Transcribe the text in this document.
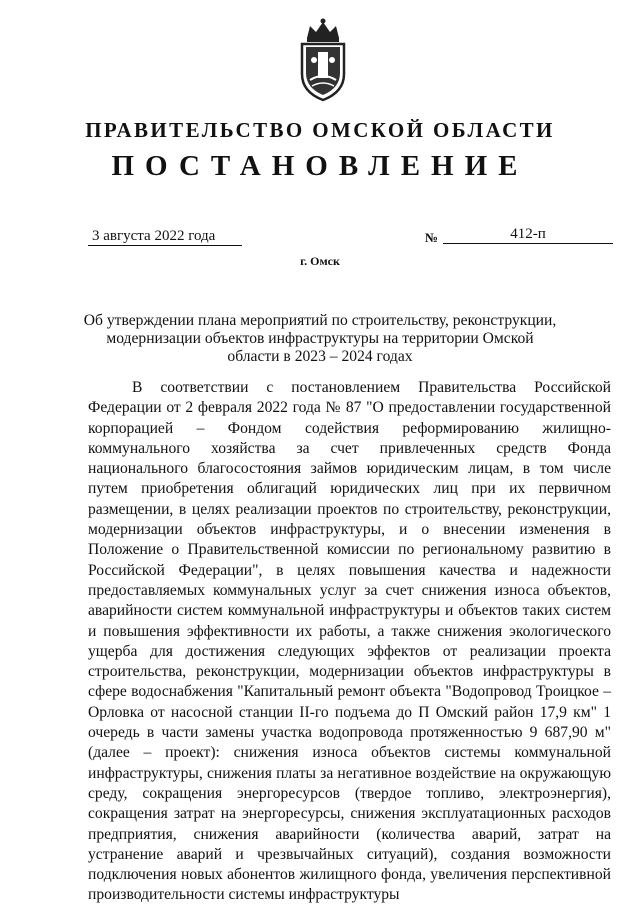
ПРАВИТЕЛЬСТВО ОМСКОЙ ОБЛАСТИ
ПОСТАНОВЛЕНИЕ
3 августа 2022 года	№	412-п
г. Омск
Об утверждении плана мероприятий по строительству, реконструкции, модернизации объектов инфраструктуры на территории Омской области в 2023 – 2024 годах

В соответствии с постановлением Правительства Российской Федерации от 2 февраля 2022 года № 87 "О предоставлении государственной корпорацией – Фондом содействия реформированию жилищно-коммунального хозяйства за счет привлеченных средств Фонда национального благосостояния займов юридическим лицам, в том числе путем приобретения облигаций юридических лиц при их первичном размещении, в целях реализации проектов по строительству, реконструкции, модернизации объектов инфраструктуры, и о внесении изменения в Положение о Правительственной комиссии по региональному развитию в Российской Федерации", в целях повышения качества и надежности предоставляемых коммунальных услуг за счет снижения износа объектов, аварийности систем коммунальной инфраструктуры и объектов таких систем и повышения эффективности их работы, а также снижения экологического ущерба для достижения следующих эффектов от реализации проекта строительства, реконструкции, модернизации объектов инфраструктуры в сфере водоснабжения "Капитальный ремонт объекта "Водопровод Троицкое – Орловка от насосной станции II-го подъема до П Омский район 17,9 км" 1 очередь в части замены участка водопровода протяженностью 9 687,90 м" (далее – проект): снижения износа объектов системы коммунальной инфраструктуры, снижения платы за негативное воздействие на окружающую среду, сокращения энергоресурсов (твердое топливо, электроэнергия), сокращения затрат на энергоресурсы, снижения эксплуатационных расходов предприятия, снижения аварийности (количества аварий, затрат на устранение аварий и чрезвычайных ситуаций), создания возможности подключения новых абонентов жилищного фонда, увеличения перспективной производительности системы инфраструктуры
